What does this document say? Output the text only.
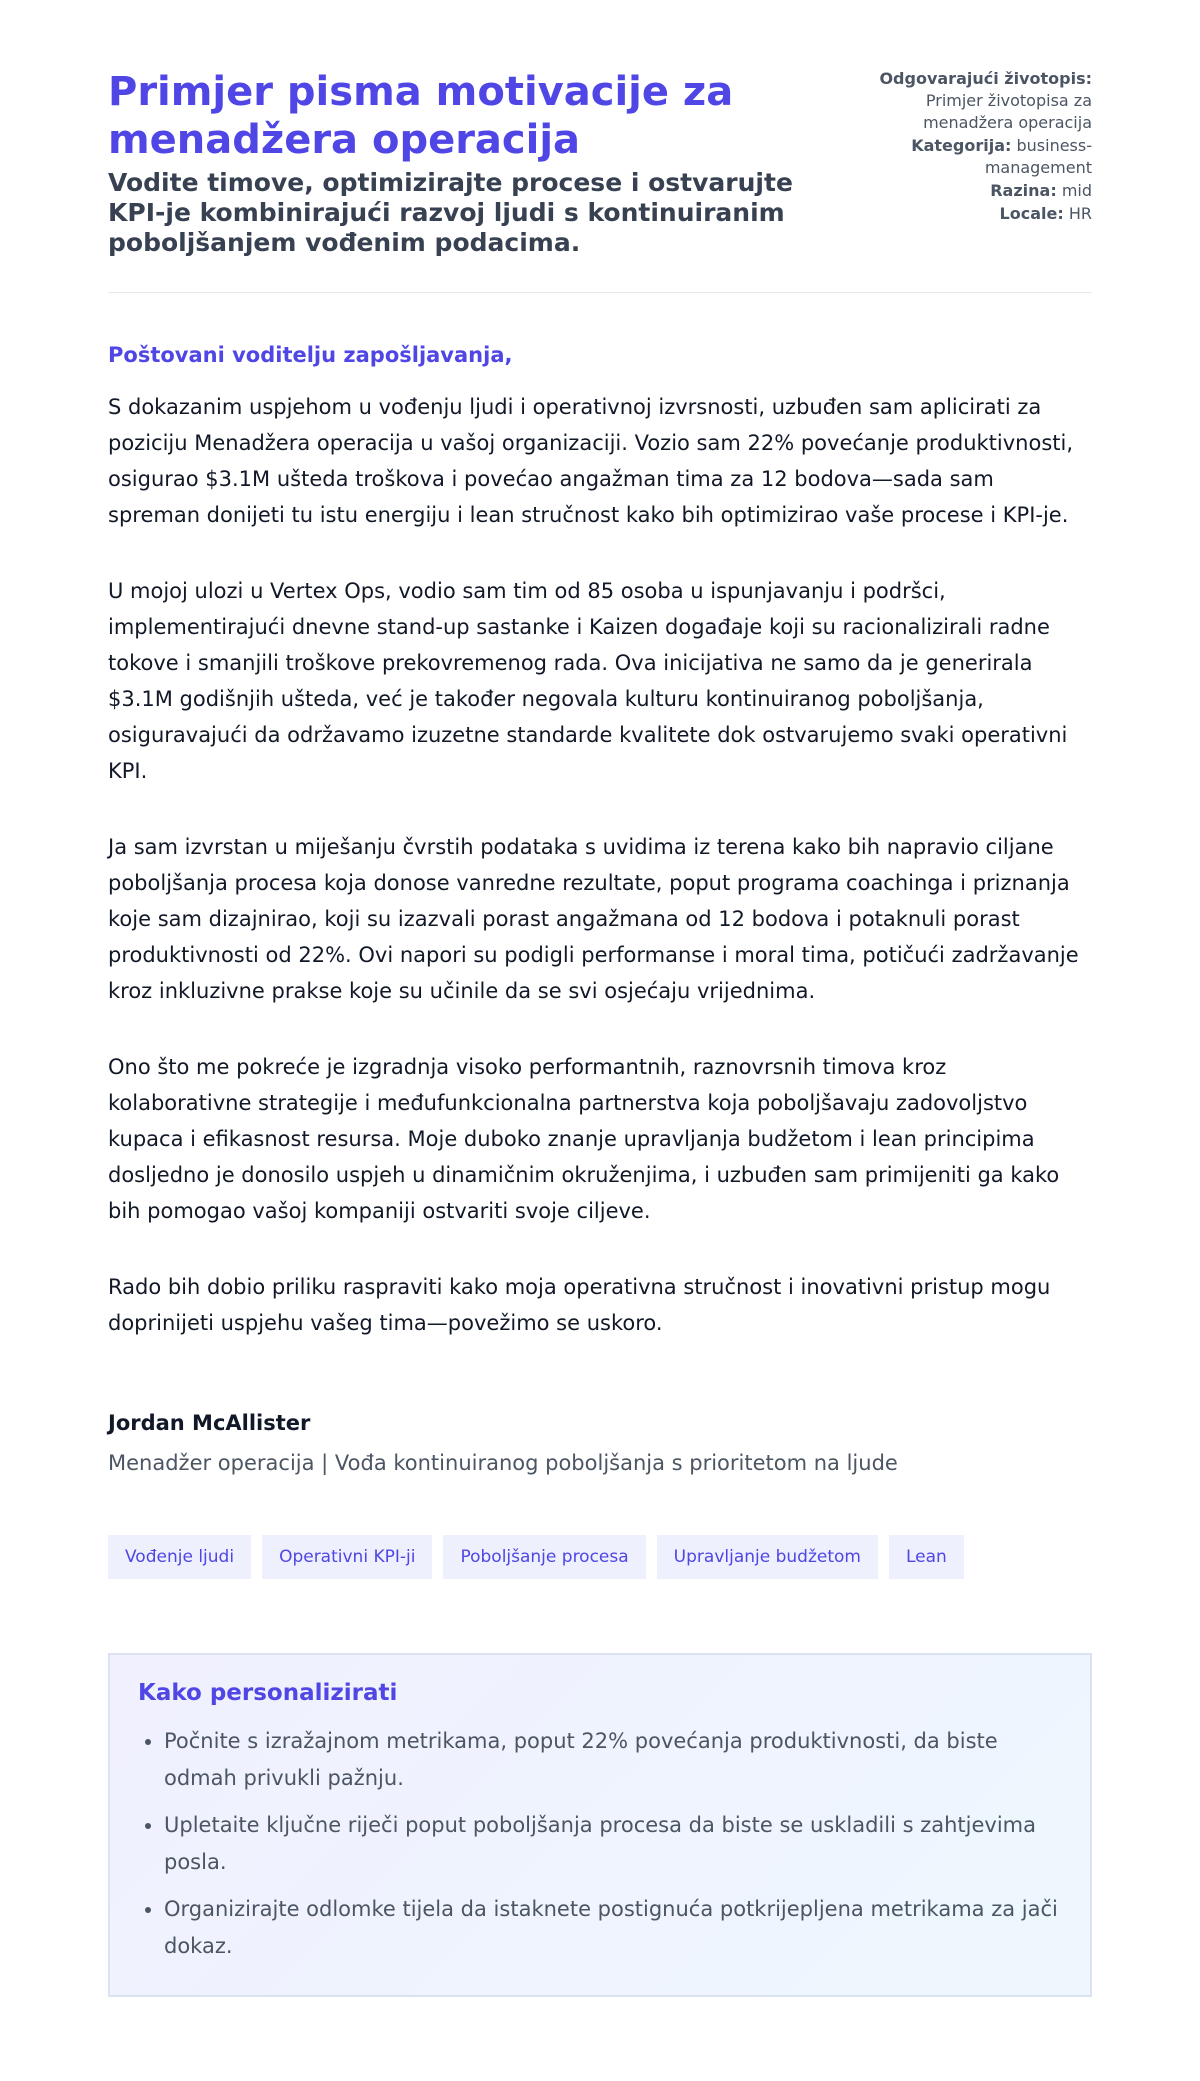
Primjer pisma motivacije za menadžera operacija

Vodite timove, optimizirajte procese i ostvarujte KPI-je kombinirajući razvoj ljudi s kontinuiranim poboljšanjem vođenim podacima.

Odgovarajući životopis: Primjer životopisa za menadžera operacija
Kategorija: business-management
Razina: mid
Locale: HR

Poštovani voditelju zapošljavanja,

S dokazanim uspjehom u vođenju ljudi i operativnoj izvrsnosti, uzbuđen sam aplicirati za poziciju Menadžera operacija u vašoj organizaciji. Vozio sam 22% povećanje produktivnosti, osigurao $3.1M ušteda troškova i povećao angažman tima za 12 bodova—sada sam spreman donijeti tu istu energiju i lean stručnost kako bih optimizirao vaše procese i KPI-je.

U mojoj ulozi u Vertex Ops, vodio sam tim od 85 osoba u ispunjavanju i podršci, implementirajući dnevne stand-up sastanke i Kaizen događaje koji su racionalizirali radne tokove i smanjili troškove prekovremenog rada. Ova inicijativa ne samo da je generirala $3.1M godišnjih ušteda, već je također negovala kulturu kontinuiranog poboljšanja, osiguravajući da održavamo izuzetne standarde kvalitete dok ostvarujemo svaki operativni KPI.

Ja sam izvrstan u miješanju čvrstih podataka s uvidima iz terena kako bih napravio ciljane poboljšanja procesa koja donose vanredne rezultate, poput programa coachinga i priznanja koje sam dizajnirao, koji su izazvali porast angažmana od 12 bodova i potaknuli porast produktivnosti od 22%. Ovi napori su podigli performanse i moral tima, potičući zadržavanje kroz inkluzivne prakse koje su učinile da se svi osjećaju vrijednima.

Ono što me pokreće je izgradnja visoko performantnih, raznovrsnih timova kroz kolaborativne strategije i međufunkcionalna partnerstva koja poboljšavaju zadovoljstvo kupaca i efikasnost resursa. Moje duboko znanje upravljanja budžetom i lean principima dosljedno je donosilo uspjeh u dinamičnim okruženjima, i uzbuđen sam primijeniti ga kako bih pomogao vašoj kompaniji ostvariti svoje ciljeve.

Rado bih dobio priliku raspraviti kako moja operativna stručnost i inovativni pristup mogu doprinijeti uspjehu vašeg tima—povežimo se uskoro.

Jordan McAllister

Menadžer operacija | Vođa kontinuiranog poboljšanja s prioritetom na ljude

Vođenje ljudi	Operativni KPI-ji	Poboljšanje procesa	Upravljanje budžetom	Lean
Kako personalizirati
• Počnite s izražajnom metrikama, poput 22% povećanja produktivnosti, da biste odmah privukli pažnju.
• Upletaite ključne riječi poput poboljšanja procesa da biste se uskladili s zahtjevima posla.
• Organizirajte odlomke tijela da istaknete postignuća potkrijepljena metrikama za jači dokaz.
